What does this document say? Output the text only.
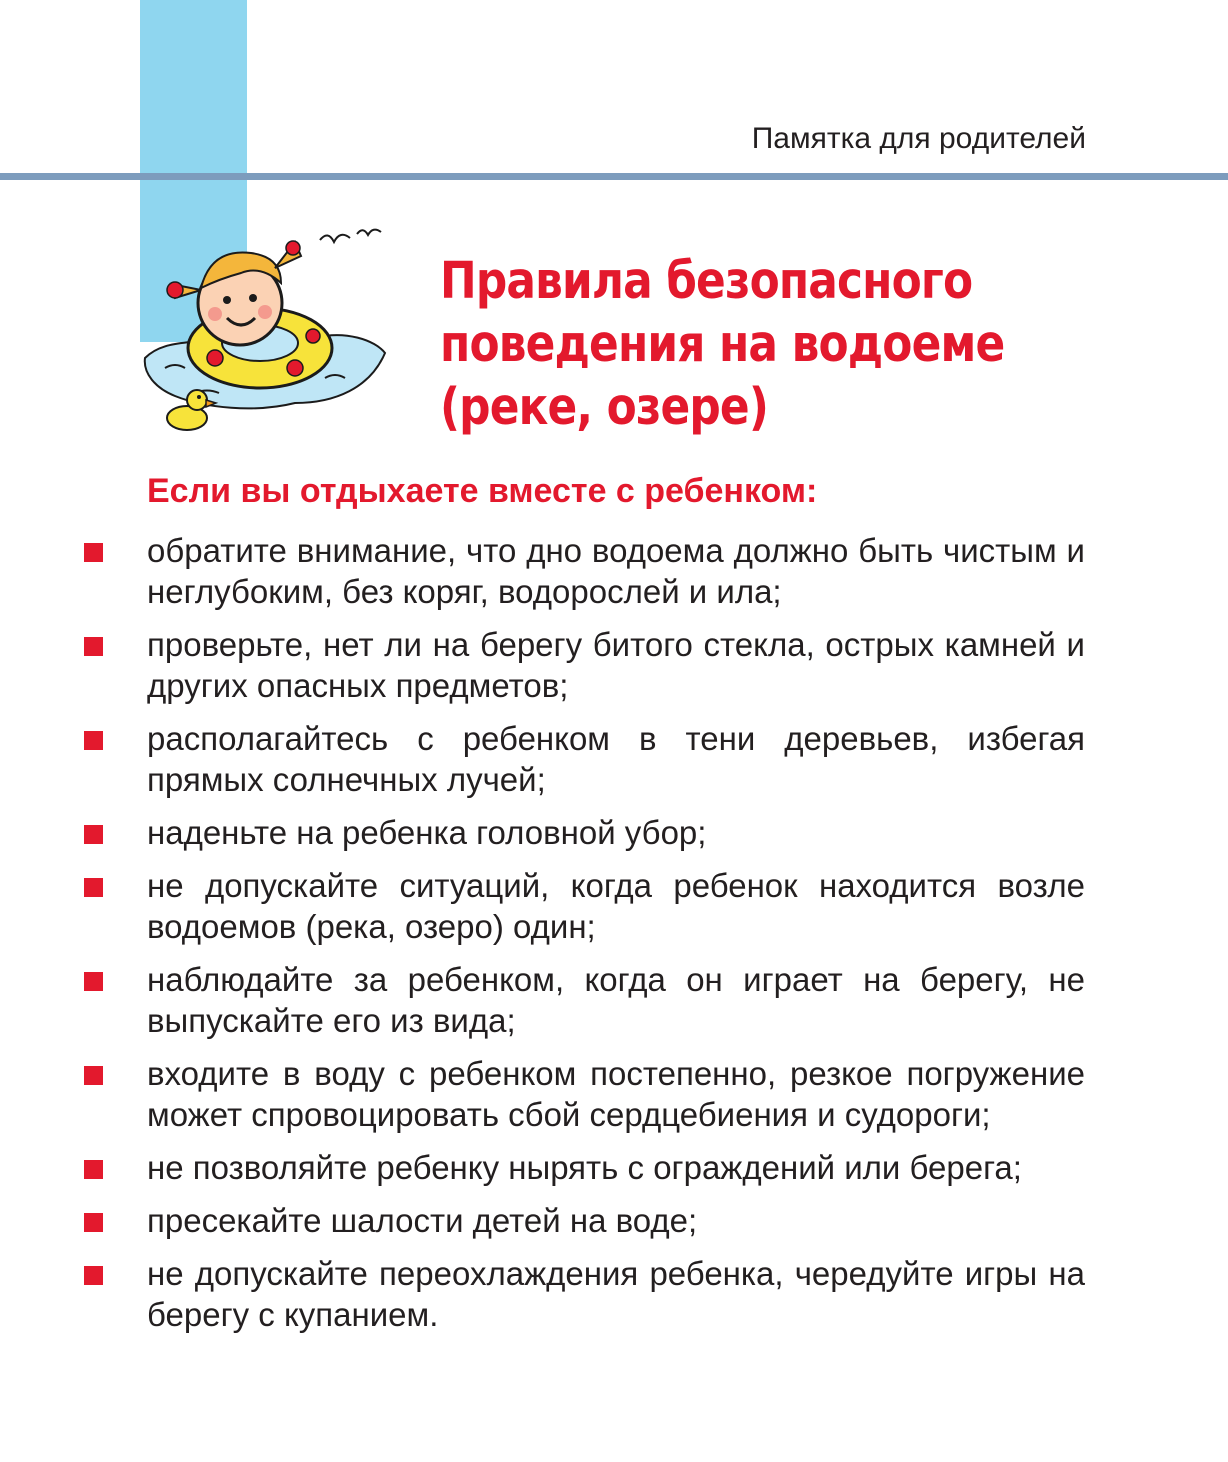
Памятка для родителей
Правила безопасного
поведения на водоеме
(реке, озере)
Если вы отдыхаете вместе с ребенком:
обратите внимание, что дно водоема должно быть чистым и неглубоким, без коряг, водорослей и ила;
проверьте, нет ли на берегу битого стекла, острых камней и других опасных предметов;
располагайтесь с ребенком в тени деревьев, избегая прямых солнечных лучей;
наденьте на ребенка головной убор;
не допускайте ситуаций, когда ребенок находится возле водоемов (река, озеро) один;
наблюдайте за ребенком, когда он играет на берегу, не выпускайте его из вида;
входите в воду с ребенком постепенно, резкое погружение может спровоцировать сбой сердцебиения и судороги;
не позволяйте ребенку нырять с ограждений или берега;
пресекайте шалости детей на воде;
не допускайте переохлаждения ребенка, чередуйте игры на берегу с купанием.
